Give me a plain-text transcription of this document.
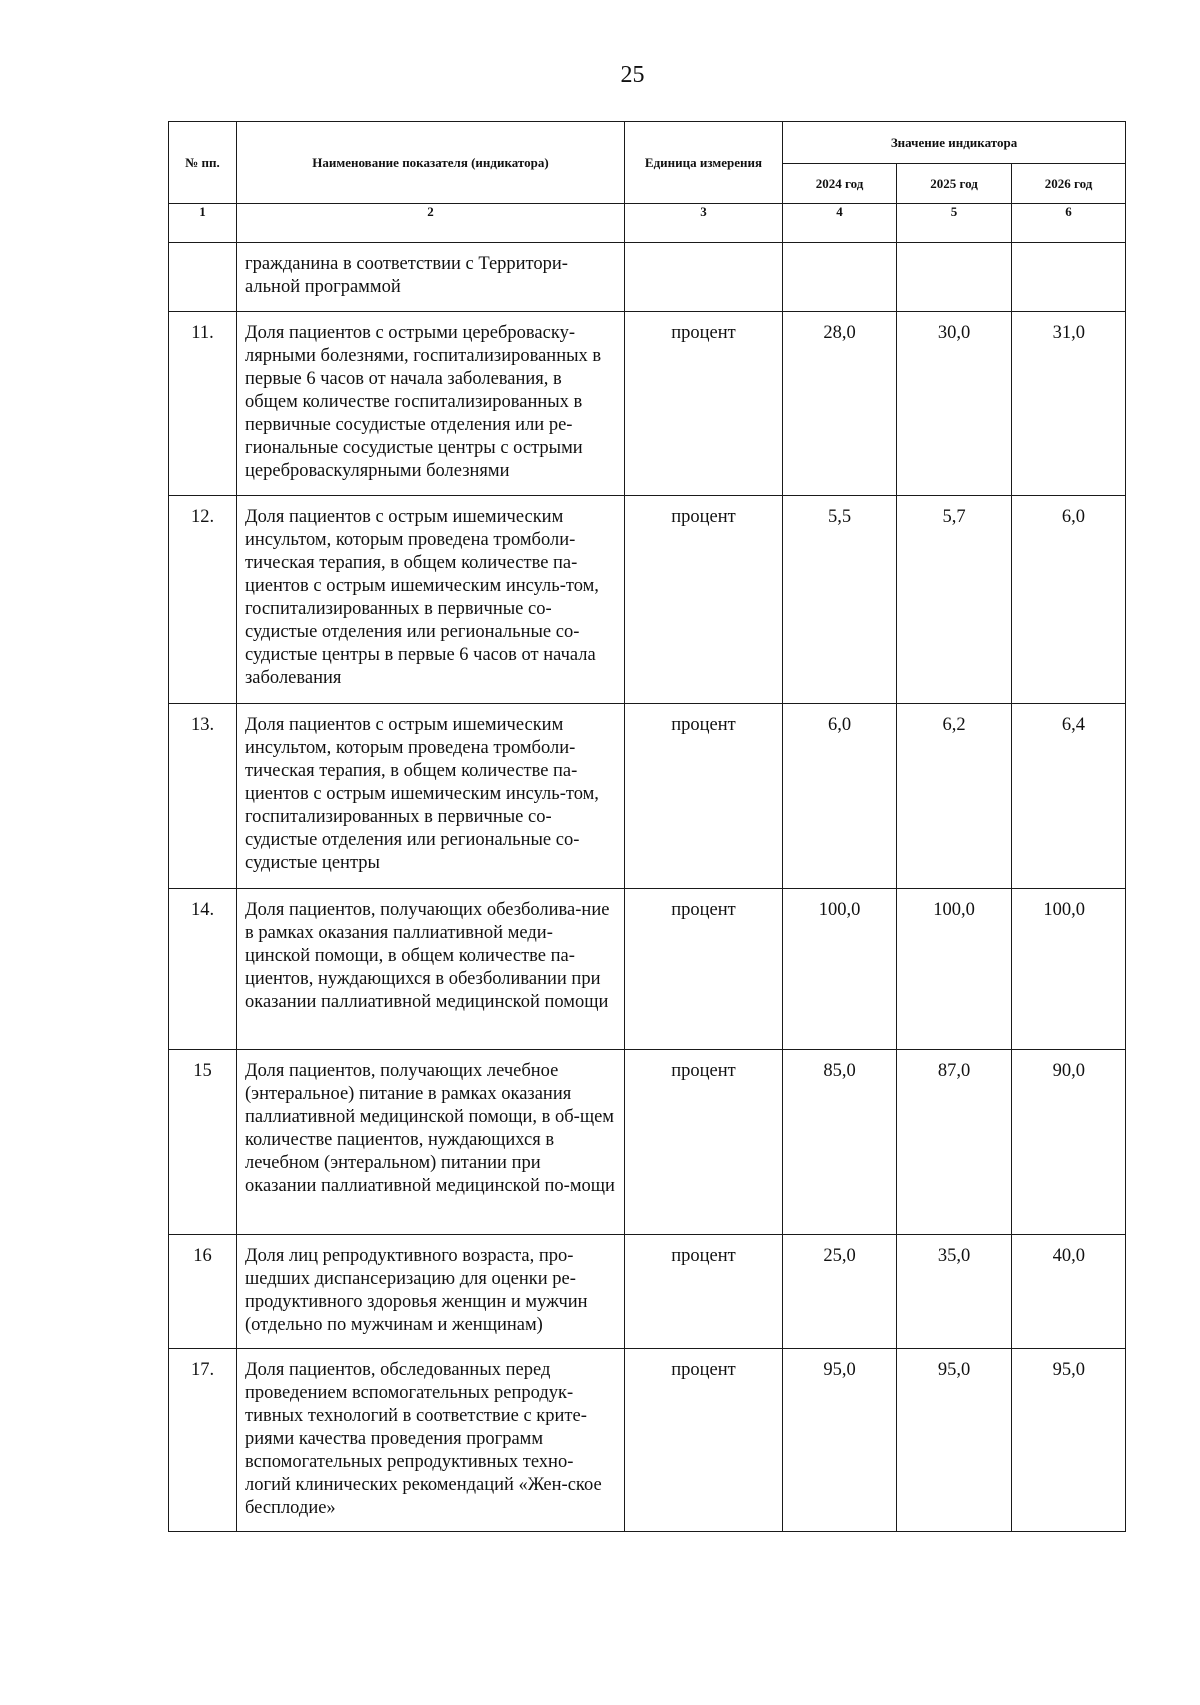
25
№ пп.	Наименование показателя (индикатора)	Единица измерения	Значение индикатора		
			2024 год	2025 год	2026 год
1	2	3	4	5	6
	гражданина в соответствии с Территори-альной программой				
11.	Доля пациентов с острыми цереброваску-лярными болезнями, госпитализированных в первые 6 часов от начала заболевания, в общем количестве госпитализированных в первичные сосудистые отделения или ре-гиональные сосудистые центры с острыми цереброваскулярными болезнями	процент	28,0	30,0	31,0
12.	Доля пациентов с острым ишемическим инсультом, которым проведена тромболи-тическая терапия, в общем количестве па-циентов с острым ишемическим инсуль-том, госпитализированных в первичные со-судистые отделения или региональные со-судистые центры в первые 6 часов от начала заболевания	процент	5,5	5,7	6,0
13.	Доля пациентов с острым ишемическим инсультом, которым проведена тромболи-тическая терапия, в общем количестве па-циентов с острым ишемическим инсуль-том, госпитализированных в первичные со-судистые отделения или региональные со-судистые центры	процент	6,0	6,2	6,4
14.	Доля пациентов, получающих обезболива-ние в рамках оказания паллиативной меди-цинской помощи, в общем количестве па-циентов, нуждающихся в обезболивании при оказании паллиативной медицинской помощи	процент	100,0	100,0	100,0
15	Доля пациентов, получающих лечебное (энтеральное) питание в рамках оказания паллиативной медицинской помощи, в об-щем количестве пациентов, нуждающихся в лечебном (энтеральном) питании при оказании паллиативной медицинской по-мощи	процент	85,0	87,0	90,0
16	Доля лиц репродуктивного возраста, про-шедших диспансеризацию для оценки ре-продуктивного здоровья женщин и мужчин (отдельно по мужчинам и женщинам)	процент	25,0	35,0	40,0
17.	Доля пациентов, обследованных перед проведением вспомогательных репродук-тивных технологий в соответствие с крите-риями качества проведения программ вспомогательных репродуктивных техно-логий клинических рекомендаций «Жен-ское бесплодие»	процент	95,0	95,0	95,0
